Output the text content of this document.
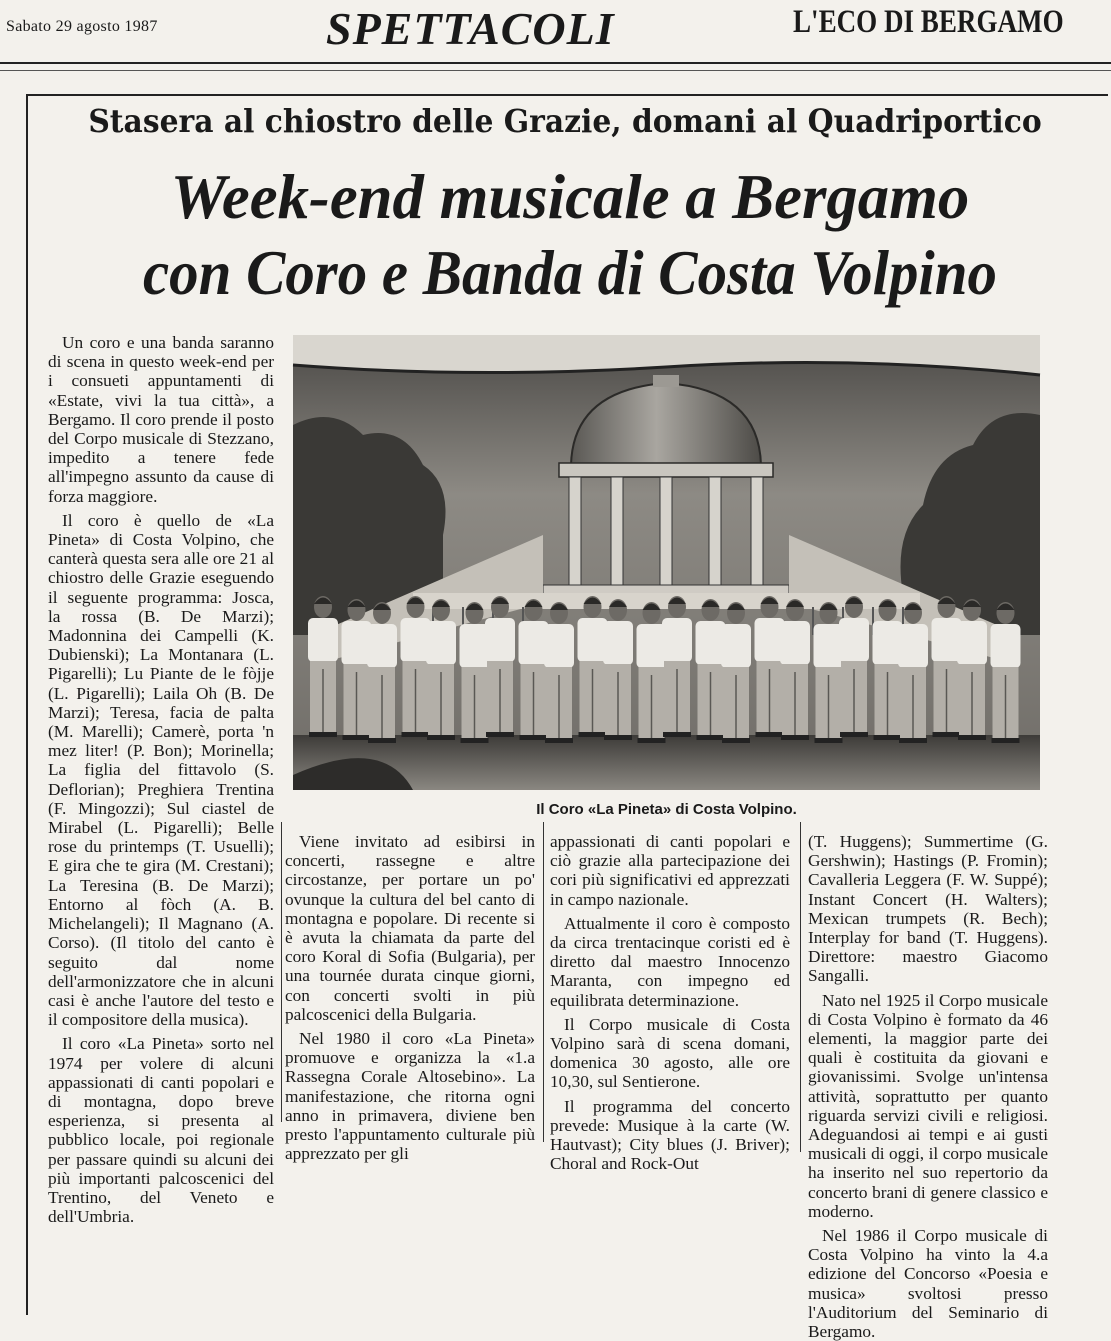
Sabato 29 agosto 1987	SPETTACOLI	L'ECO DI BERGAMO
Stasera al chiostro delle Grazie, domani al Quadriportico
Week-end musicale a Bergamo
con Coro e Banda di Costa Volpino
Il Coro «La Pineta» di Costa Volpino.

Un coro e una banda saranno di scena in questo week-end per i consueti appuntamenti di «Estate, vivi la tua città», a Bergamo. Il coro prende il posto del Corpo musicale di Stezzano, impedito a tenere fede all'impegno assunto da cause di forza maggiore.

Il coro è quello de «La Pineta» di Costa Volpino, che canterà questa sera alle ore 21 al chiostro delle Grazie eseguendo il seguente programma: Josca, la rossa (B. De Marzi); Madonnina dei Campelli (K. Dubienski); La Montanara (L. Pigarelli); Lu Piante de le fòjje (L. Pigarelli); Laila Oh (B. De Marzi); Teresa, facia de palta (M. Marelli); Camerè, porta 'n mez liter! (P. Bon); Morinella; La figlia del fittavolo (S. Deflorian); Preghiera Trentina (F. Mingozzi); Sul ciastel de Mirabel (L. Pigarelli); Belle rose du printemps (T. Usuelli); E gira che te gira (M. Crestani); La Teresina (B. De Marzi); Entorno al fòch (A. B. Michelangeli); Il Magnano (A. Corso). (Il titolo del canto è seguito dal nome dell'armonizzatore che in alcuni casi è anche l'autore del testo e il compositore della musica).

Il coro «La Pineta» sorto nel 1974 per volere di alcuni appassionati di canti popolari e di montagna, dopo breve esperienza, si presenta al pubblico locale, poi regionale per passare quindi su alcuni dei più importanti palcoscenici del Trentino, del Veneto e dell'Umbria.

Viene invitato ad esibirsi in concerti, rassegne e altre circostanze, per portare un po' ovunque la cultura del bel canto di montagna e popolare. Di recente si è avuta la chiamata da parte del coro Koral di Sofia (Bulgaria), per una tournée durata cinque giorni, con concerti svolti in più palcoscenici della Bulgaria.

Nel 1980 il coro «La Pineta» promuove e organizza la «1.a Rassegna Corale Altosebino». La manifestazione, che ritorna ogni anno in primavera, diviene ben presto l'appuntamento culturale più apprezzato per gli

appassionati di canti popolari e ciò grazie alla partecipazione dei cori più significativi ed apprezzati in campo nazionale.

Attualmente il coro è composto da circa trentacinque coristi ed è diretto dal maestro Innocenzo Maranta, con impegno ed equilibrata determinazione.

Il Corpo musicale di Costa Volpino sarà di scena domani, domenica 30 agosto, alle ore 10,30, sul Sentierone.

Il programma del concerto prevede: Musique à la carte (W. Hautvast); City blues (J. Briver); Choral and Rock-Out

(T. Huggens); Summertime (G. Gershwin); Hastings (P. Fromin); Cavalleria Leggera (F. W. Suppé); Instant Concert (H. Walters); Mexican trumpets (R. Bech); Interplay for band (T. Huggens). Direttore: maestro Giacomo Sangalli.

Nato nel 1925 il Corpo musicale di Costa Volpino è formato da 46 elementi, la maggior parte dei quali è costituita da giovani e giovanissimi. Svolge un'intensa attività, soprattutto per quanto riguarda servizi civili e religiosi. Adeguandosi ai tempi e ai gusti musicali di oggi, il corpo musicale ha inserito nel suo repertorio da concerto brani di genere classico e moderno.

Nel 1986 il Corpo musicale di Costa Volpino ha vinto la 4.a edizione del Concorso «Poesia e musica» svoltosi presso l'Auditorium del Seminario di Bergamo.
